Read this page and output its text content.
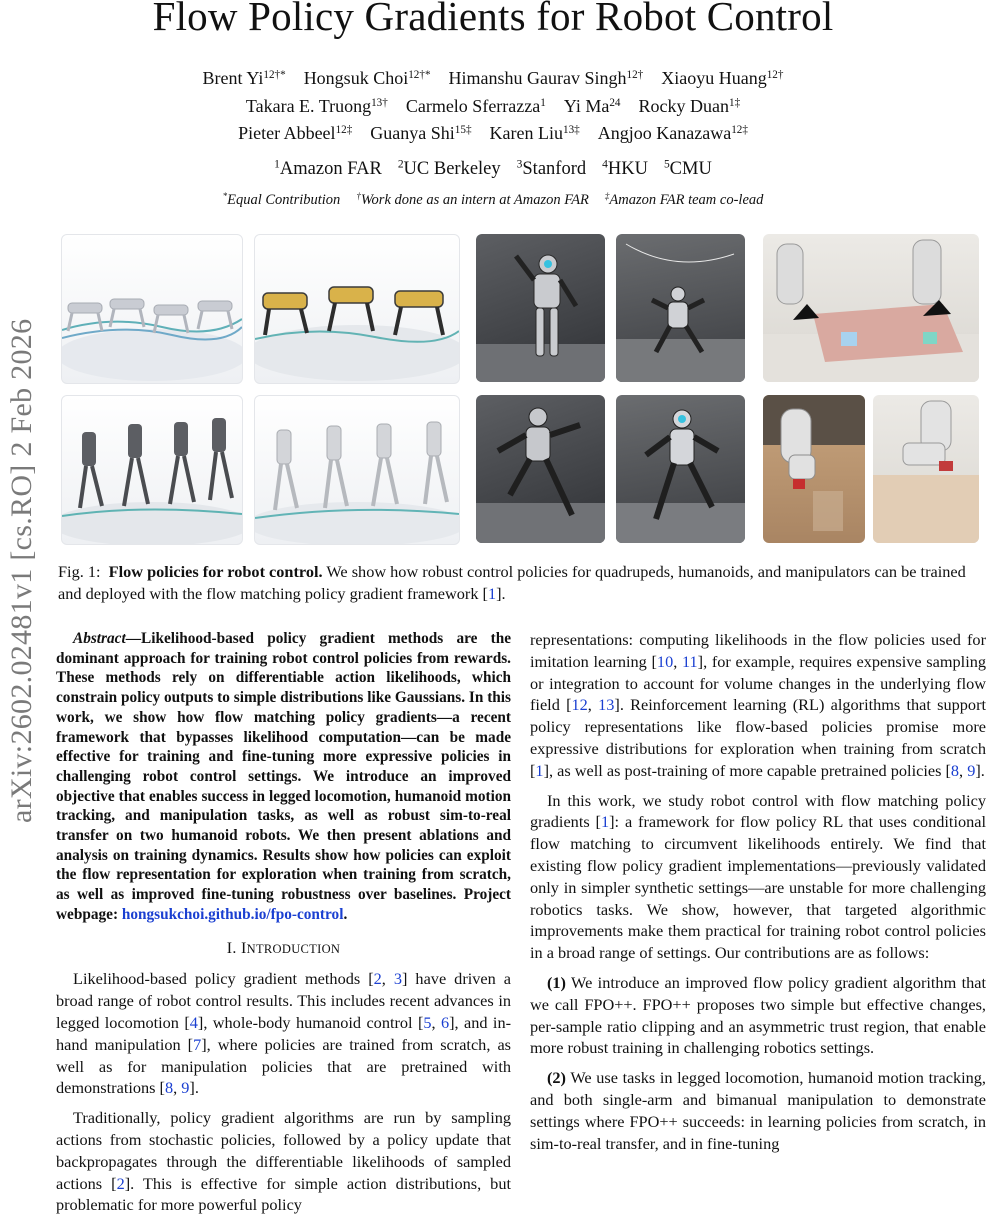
Flow Policy Gradients for Robot Control
Brent $Yi^{12\dagger*}$ Hongsuk Choi$^{12\dagger*}$ Himanshu Gaurav Singh$^{12\dagger}$ Xiaoyu Huang$^{12\dagger}$
Takara E. Truong$^{13\dagger}$ Carmelo Sferrazza$^1$ Yi Ma$^{24}$ Rocky Duan$^{1\ddagger}$
Pieter Abbeel$^{12\ddagger}$ Guanya Shi$^{15\ddagger}$ Karen Liu$^{13\ddagger}$ Angjoo Kanazawa$^{12\ddagger}$
$^1$Amazon FAR $^2$UC Berkeley $^3$Stanford $^4$HKU $^5$CMU
*Equal Contribution †Work done as an intern at Amazon FAR ‡Amazon FAR team co-lead
arXiv:2602.02481v1 [cs.RO] 2 Feb 2026 Fig. 1: Flow policies for robot control. We show how robust control policies for quadrupeds, humanoids, and manipulators can be trained and deployed with the flow matching policy gradient framework [1].

Abstract—Likelihood-based policy gradient methods are the dominant approach for training robot control policies from rewards. These methods rely on differentiable action likelihoods, which constrain policy outputs to simple distributions like Gaussians. In this work, we show how flow matching policy gradients—a recent framework that bypasses likelihood computation—can be made effective for training and fine-tuning more expressive policies in challenging robot control settings. We introduce an improved objective that enables success in legged locomotion, humanoid motion tracking, and manipulation tasks, as well as robust sim-to-real transfer on two humanoid robots. We then present ablations and analysis on training dynamics. Results show how policies can exploit the flow representation for exploration when training from scratch, as well as improved fine-tuning robustness over baselines. Project webpage: hongsukchoi.github.io/fpo-control.

I. INTRODUCTION

Likelihood-based policy gradient methods [2, 3] have driven a broad range of robot control results. This includes recent advances in legged locomotion [4], whole-body humanoid control [5, 6], and in-hand manipulation [7], where policies are trained from scratch, as well as for manipulation policies that are pretrained with demonstrations [8, 9].

Traditionally, policy gradient algorithms are run by sampling actions from stochastic policies, followed by a policy update that backpropagates through the differentiable likelihoods of sampled actions [2]. This is effective for simple action distributions, but problematic for more powerful policy

representations: computing likelihoods in the flow policies used for imitation learning [10, 11], for example, requires expensive sampling or integration to account for volume changes in the underlying flow field [12, 13]. Reinforcement learning (RL) algorithms that support policy representations like flow-based policies promise more expressive distributions for exploration when training from scratch [1], as well as post-training of more capable pretrained policies [8, 9].

In this work, we study robot control with flow matching policy gradients [1]: a framework for flow policy RL that uses conditional flow matching to circumvent likelihoods entirely. We find that existing flow policy gradient implementations—previously validated only in simpler synthetic settings—are unstable for more challenging robotics tasks. We show, however, that targeted algorithmic improvements make them practical for training robot control policies in a broad range of settings. Our contributions are as follows:

(1) We introduce an improved flow policy gradient algorithm that we call FPO++. FPO++ proposes two simple but effective changes, per-sample ratio clipping and an asymmetric trust region, that enable more robust training in challenging robotics settings.

(2) We use tasks in legged locomotion, humanoid motion tracking, and both single-arm and bimanual manipulation to demonstrate settings where FPO++ succeeds: in learning policies from scratch, in sim-to-real transfer, and in fine-tuning
